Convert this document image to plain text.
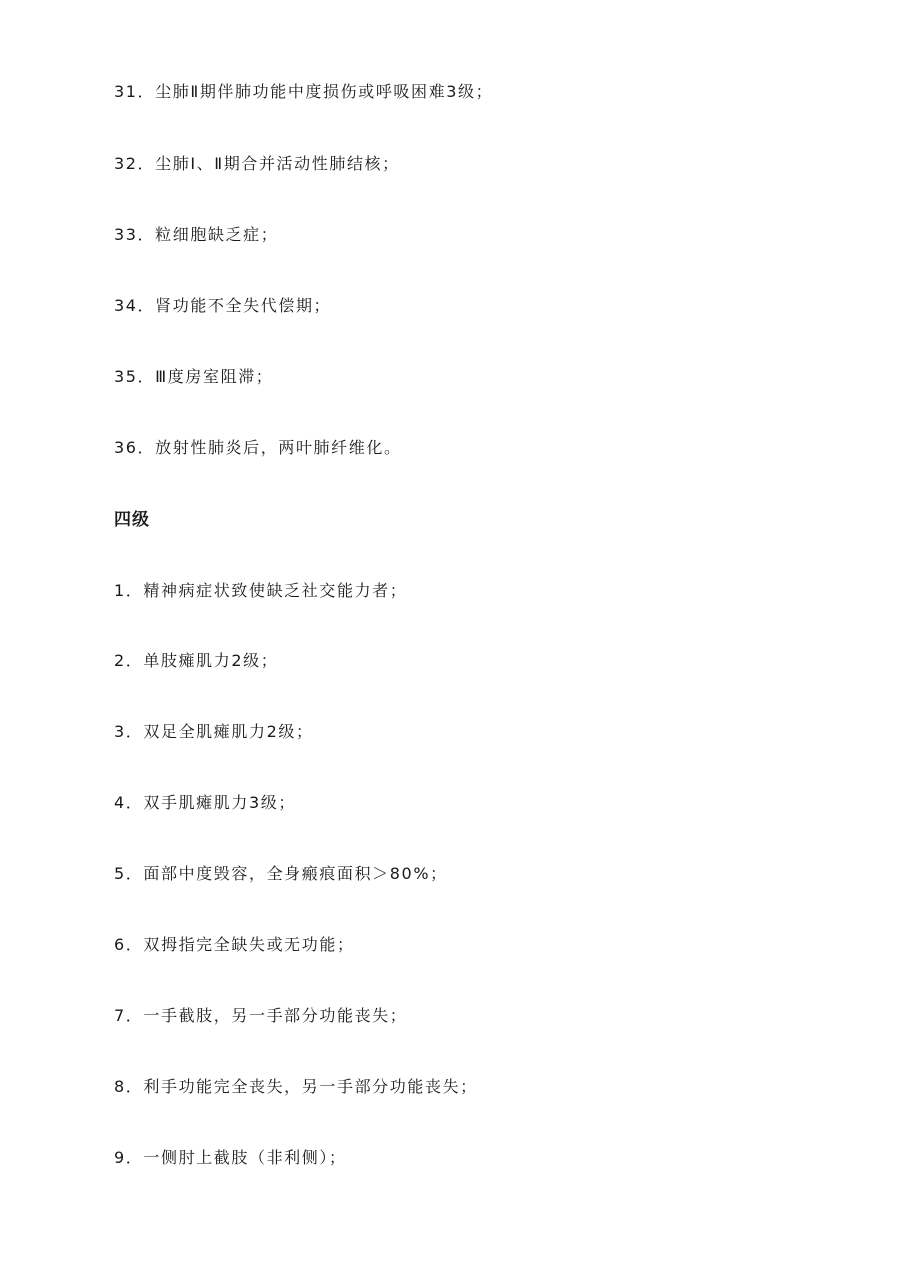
31．尘肺Ⅱ期伴肺功能中度损伤或呼吸困难3级；
32．尘肺Ⅰ、Ⅱ期合并活动性肺结核；
33．粒细胞缺乏症；
34．肾功能不全失代偿期；
35．Ⅲ度房室阻滞；
36．放射性肺炎后，两叶肺纤维化。
四级
1．精神病症状致使缺乏社交能力者；
2．单肢瘫肌力2级；
3．双足全肌瘫肌力2级；
4．双手肌瘫肌力3级；
5．面部中度毁容，全身瘢痕面积＞80%；
6．双拇指完全缺失或无功能；
7．一手截肢，另一手部分功能丧失；
8．利手功能完全丧失，另一手部分功能丧失；
9．一侧肘上截肢（非利侧）；
